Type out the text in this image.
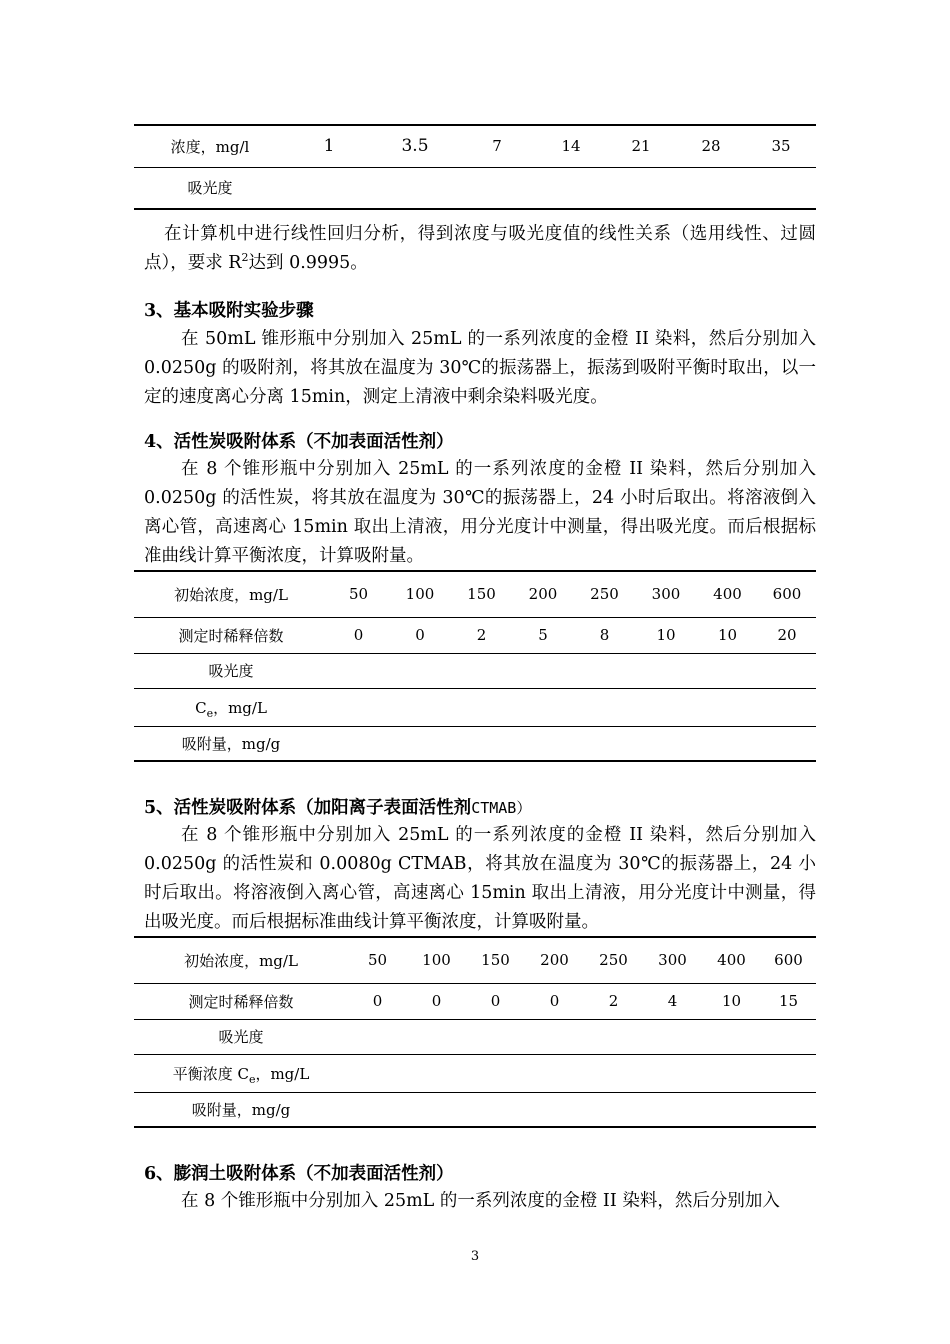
浓度，mg/l	1	3.5	7	14	21	28	35
吸光度							

在计算机中进行线性回归分析，得到浓度与吸光度值的线性关系（选用线性、过圆点），要求 $R^2$达到 0.9995。

3、基本吸附实验步骤

在 50mL 锥形瓶中分别加入 25mL 的一系列浓度的金橙 II 染料，然后分别加入 0.0250g 的吸附剂，将其放在温度为 30℃的振荡器上，振荡到吸附平衡时取出，以一定的速度离心分离 15min，测定上清液中剩余染料吸光度。

4、活性炭吸附体系（不加表面活性剂）

在 8 个锥形瓶中分别加入 25mL 的一系列浓度的金橙 II 染料，然后分别加入 0.0250g 的活性炭，将其放在温度为 30℃的振荡器上，24 小时后取出。将溶液倒入离心管，高速离心 15min 取出上清液，用分光度计中测量，得出吸光度。而后根据标准曲线计算平衡浓度，计算吸附量。

初始浓度，mg/L	50	100	150	200	250	300	400	600
测定时稀释倍数	0	0	2	5	8	10	10	20
吸光度								
$C_e$，mg/L								
吸附量，mg/g								
5、活性炭吸附体系（加阳离子表面活性剂CTMAB）

在 8 个锥形瓶中分别加入 25mL 的一系列浓度的金橙 II 染料，然后分别加入 0.0250g 的活性炭和 0.0080g CTMAB，将其放在温度为 30℃的振荡器上，24 小时后取出。将溶液倒入离心管，高速离心 15min 取出上清液，用分光度计中测量，得出吸光度。而后根据标准曲线计算平衡浓度，计算吸附量。

初始浓度，mg/L	50	100	150	200	250	300	400	600
测定时稀释倍数	0	0	0	0	2	4	10	15
吸光度								
平衡浓度 $C_e$，mg/L								
吸附量，mg/g								
6、膨润土吸附体系（不加表面活性剂）

在 8 个锥形瓶中分别加入 25mL 的一系列浓度的金橙 II 染料，然后分别加入

3
